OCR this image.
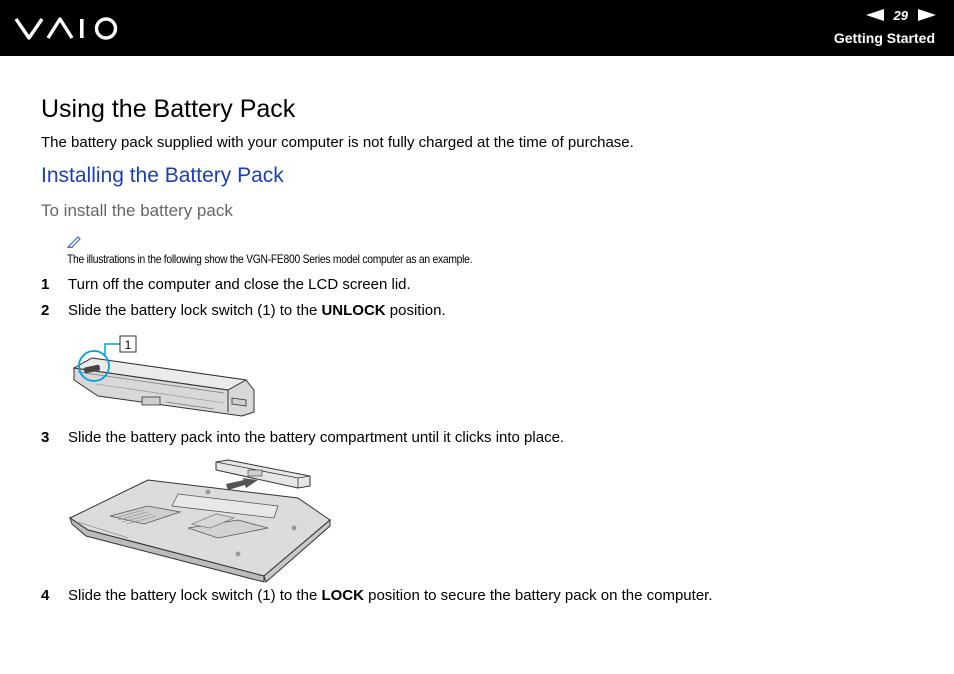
29
Getting Started
Using the Battery Pack

The battery pack supplied with your computer is not fully charged at the time of purchase.

Installing the Battery Pack
To install the battery pack
The illustrations in the following show the VGN-FE800 Series model computer as an example.
1 Turn off the computer and close the LCD screen lid.
2 Slide the battery lock switch (1) to the UNLOCK position.
1
3 Slide the battery pack into the battery compartment until it clicks into place.
4 Slide the battery lock switch (1) to the LOCK position to secure the battery pack on the computer.
